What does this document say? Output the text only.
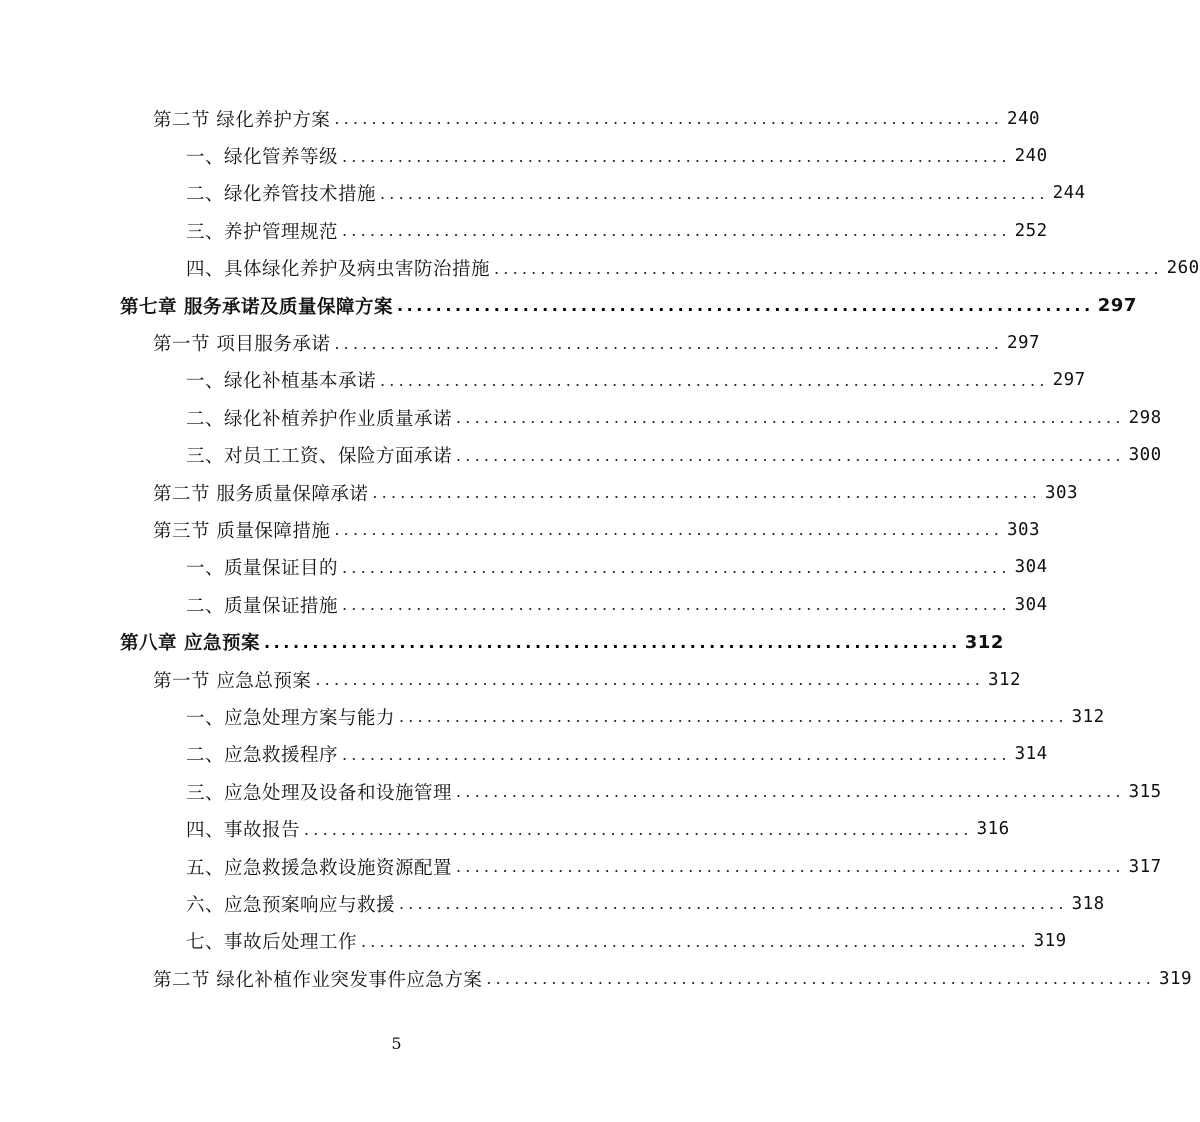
第二节 绿化养护方案 ........................................................................ 240
一、绿化管养等级 ........................................................................ 240
二、绿化养管技术措施 ........................................................................ 244
三、养护管理规范 ........................................................................ 252
四、具体绿化养护及病虫害防治措施 ........................................................................ 260
第七章 服务承诺及质量保障方案 ........................................................................ 297
第一节 项目服务承诺 ........................................................................ 297
一、绿化补植基本承诺 ........................................................................ 297
二、绿化补植养护作业质量承诺 ........................................................................ 298
三、对员工工资、保险方面承诺 ........................................................................ 300
第二节 服务质量保障承诺 ........................................................................ 303
第三节 质量保障措施 ........................................................................ 303
一、质量保证目的 ........................................................................ 304
二、质量保证措施 ........................................................................ 304
第八章 应急预案 ........................................................................ 312
第一节 应急总预案 ........................................................................ 312
一、应急处理方案与能力 ........................................................................ 312
二、应急救援程序 ........................................................................ 314
三、应急处理及设备和设施管理 ........................................................................ 315
四、事故报告 ........................................................................ 316
五、应急救援急救设施资源配置 ........................................................................ 317
六、应急预案响应与救援 ........................................................................ 318
七、事故后处理工作 ........................................................................ 319
第二节 绿化补植作业突发事件应急方案 ........................................................................ 319
5
